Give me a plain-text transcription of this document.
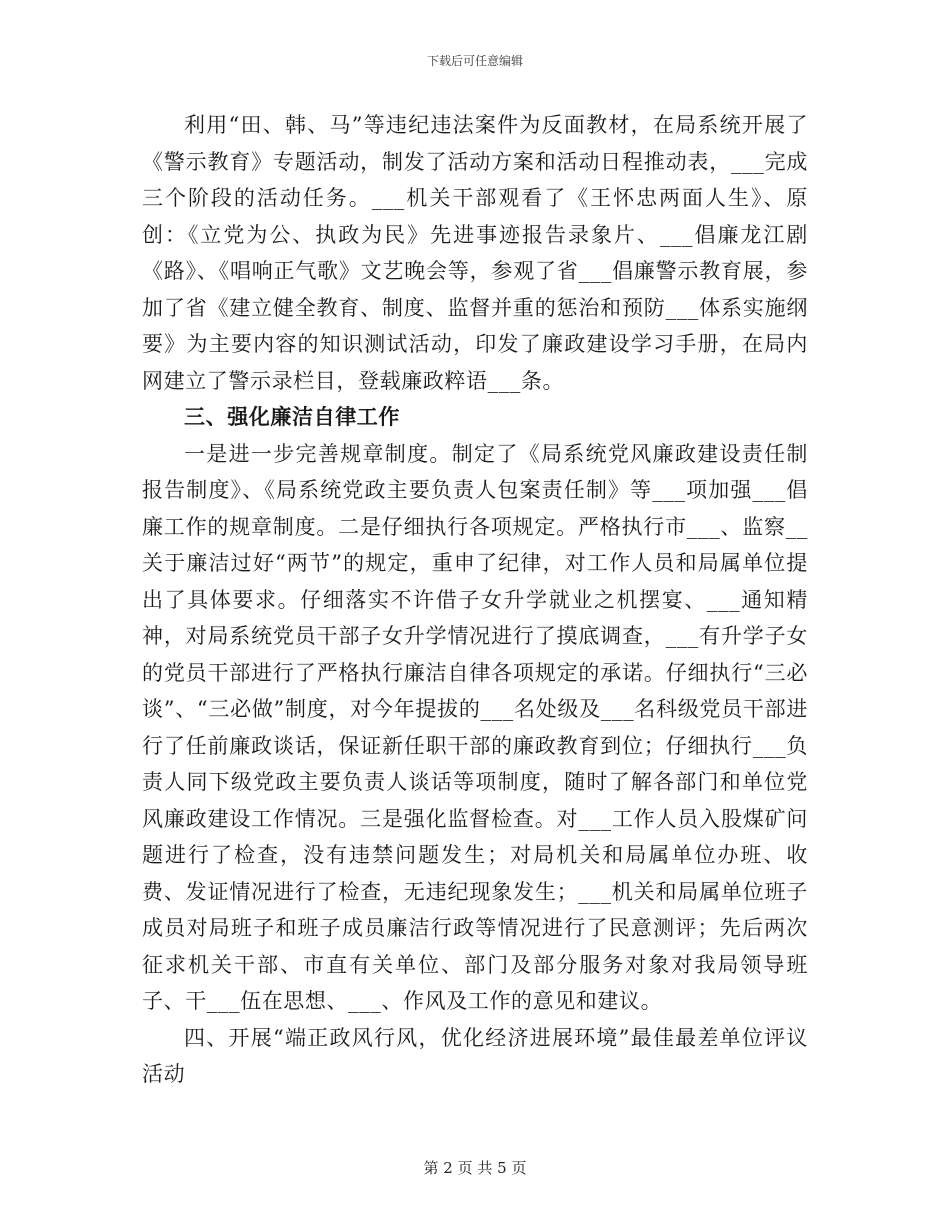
下载后可任意编辑

利用“田、韩、马”等违纪违法案件为反面教材，在局系统开展了《警示教育》专题活动，制发了活动方案和活动日程推动表，___完成三个阶段的活动任务。___机关干部观看了《王怀忠两面人生》、原创：《立党为公、执政为民》先进事迹报告录象片、___倡廉龙江剧《路》、《唱响正气歌》文艺晚会等，参观了省___倡廉警示教育展，参加了省《建立健全教育、制度、监督并重的惩治和预防___体系实施纲要》为主要内容的知识测试活动，印发了廉政建设学习手册，在局内网建立了警示录栏目，登载廉政粹语___条。

三、强化廉洁自律工作

一是进一步完善规章制度。制定了《局系统党风廉政建设责任制报告制度》、《局系统党政主要负责人包案责任制》等___项加强___倡廉工作的规章制度。二是仔细执行各项规定。严格执行市___、监察__关于廉洁过好“两节”的规定，重申了纪律，对工作人员和局属单位提出了具体要求。仔细落实不许借子女升学就业之机摆宴、___通知精神，对局系统党员干部子女升学情况进行了摸底调查，___有升学子女的党员干部进行了严格执行廉洁自律各项规定的承诺。仔细执行“三必谈”、“三必做”制度，对今年提拔的___名处级及___名科级党员干部进行了任前廉政谈话，保证新任职干部的廉政教育到位；仔细执行___负责人同下级党政主要负责人谈话等项制度，随时了解各部门和单位党风廉政建设工作情况。三是强化监督检查。对___工作人员入股煤矿问题进行了检查，没有违禁问题发生；对局机关和局属单位办班、收费、发证情况进行了检查，无违纪现象发生；___机关和局属单位班子成员对局班子和班子成员廉洁行政等情况进行了民意测评；先后两次征求机关干部、市直有关单位、部门及部分服务对象对我局领导班子、干___伍在思想、___、作风及工作的意见和建议。

四、开展“端正政风行风，优化经济进展环境”最佳最差单位评议活动

第 2 页 共 5 页
